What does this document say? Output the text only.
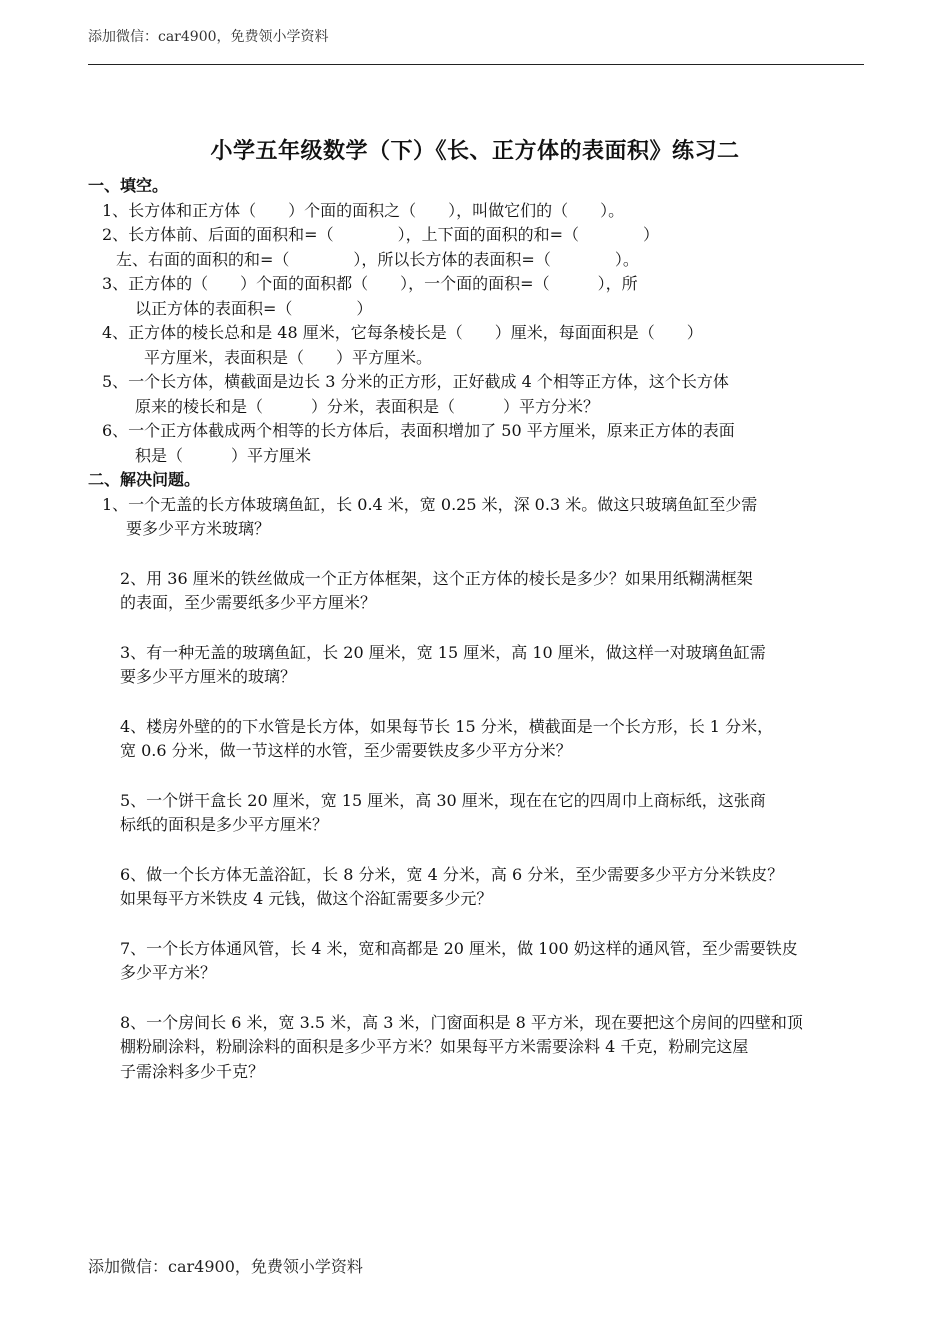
添加微信：car4900，免费领小学资料
小学五年级数学（下）《长、正方体的表面积》练习二
一、填空。
1、长方体和正方体（　　）个面的面积之（　　），叫做它们的（　　）。
2、长方体前、后面的面积和=（　　　　），上下面的面积的和=（　　　　）
左、右面的面积的和=（　　　　），所以长方体的表面积=（　　　　）。
3、正方体的（　　）个面的面积都（　　），一个面的面积=（　　　），所
以正方体的表面积=（　　　　）
4、正方体的棱长总和是 48 厘米，它每条棱长是（　　）厘米，每面面积是（　　）
平方厘米，表面积是（　　）平方厘米。
5、一个长方体，横截面是边长 3 分米的正方形，正好截成 4 个相等正方体，这个长方体
原来的棱长和是（　　　）分米，表面积是（　　　）平方分米？
6、一个正方体截成两个相等的长方体后，表面积增加了 50 平方厘米，原来正方体的表面
积是（　　　）平方厘米
二、解决问题。
1、一个无盖的长方体玻璃鱼缸，长 0.4 米，宽 0.25 米，深 0.3 米。做这只玻璃鱼缸至少需
要多少平方米玻璃？
2、用 36 厘米的铁丝做成一个正方体框架，这个正方体的棱长是多少？如果用纸糊满框架
的表面，至少需要纸多少平方厘米？
3、有一种无盖的玻璃鱼缸，长 20 厘米，宽 15 厘米，高 10 厘米，做这样一对玻璃鱼缸需
要多少平方厘米的玻璃？
4、楼房外壁的的下水管是长方体，如果每节长 15 分米，横截面是一个长方形，长 1 分米，
宽 0.6 分米，做一节这样的水管，至少需要铁皮多少平方分米？
5、一个饼干盒长 20 厘米，宽 15 厘米，高 30 厘米，现在在它的四周巾上商标纸，这张商
标纸的面积是多少平方厘米？
6、做一个长方体无盖浴缸，长 8 分米，宽 4 分米，高 6 分米，至少需要多少平方分米铁皮？
如果每平方米铁皮 4 元钱，做这个浴缸需要多少元？
7、一个长方体通风管，长 4 米，宽和高都是 20 厘米，做 100 奶这样的通风管，至少需要铁皮
多少平方米？
8、一个房间长 6 米，宽 3.5 米，高 3 米，门窗面积是 8 平方米，现在要把这个房间的四壁和顶
棚粉刷涂料，粉刷涂料的面积是多少平方米？如果每平方米需要涂料 4 千克，粉刷完这屋
子需涂料多少千克？
添加微信：car4900，免费领小学资料
